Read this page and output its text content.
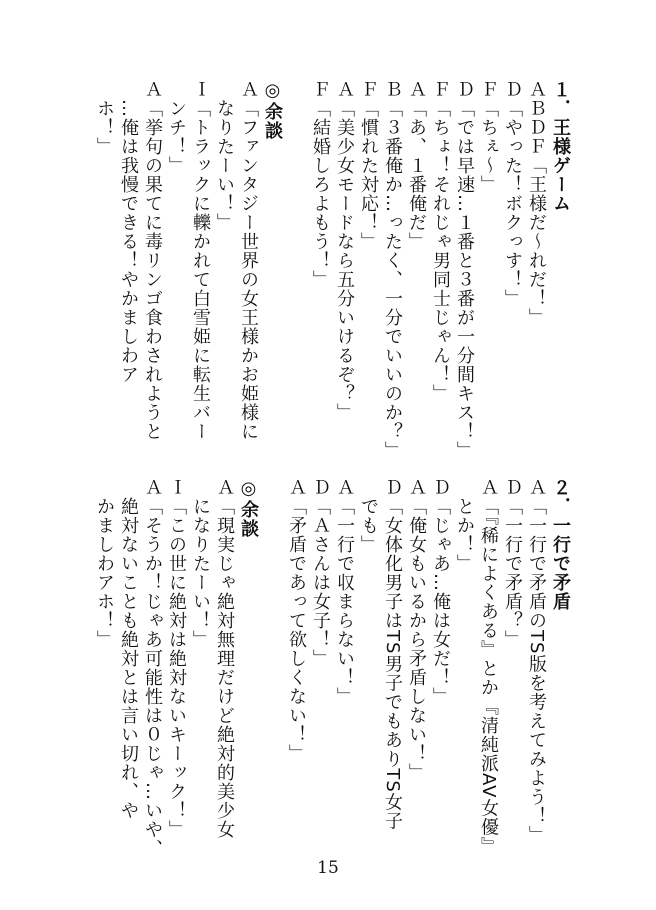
１．王様ゲーム
ＡＢＤＦ「王様だ〜れだ！」
Ｄ「やった！ボクっす！」
Ｆ「ちぇ〜」
Ｄ「では早速…１番と３番が一分間キス！」
Ｆ「ちょ！それじゃ男同士じゃん！」
Ａ「あ、１番俺だ」
Ｂ「３番俺か…ったく、一分でいいのか？」
Ｆ「慣れた対応！」
Ａ「美少女モードなら五分いけるぞ？」
Ｆ「結婚しろよもう！」
◎余談
Ａ「ファンタジー世界の女王様かお姫様に
　なりたーい！」
Ｉ「トラックに轢かれて白雪姫に転生バー
　ンチ！」
Ａ「挙句の果てに毒リンゴ食わされようと
　…俺は我慢できる！やかましわア
　ホ！」
２．一行で矛盾
Ａ「一行で矛盾のTS版を考えてみよう！」
Ｄ「一行で矛盾？」
Ａ「『稀によくある』とか『清純派AV女優』
　とか！」
Ｄ「じゃあ…俺は女だ！」
Ａ「俺女もいるから矛盾しない！」
Ｄ「女体化男子はTS男子でもありTS女子
　でも」
Ａ「一行で収まらない！」
Ｄ「Ａさんは女子！」
Ａ「矛盾であって欲しくない！」
◎余談
Ａ「現実じゃ絶対無理だけど絶対的美少女
　になりたーい！」
Ｉ「この世に絶対は絶対ないキーック！」
Ａ「そうか！じゃあ可能性は０じゃ…いや、
　絶対ないことも絶対とは言い切れ、や
　かましわアホ！」
15
